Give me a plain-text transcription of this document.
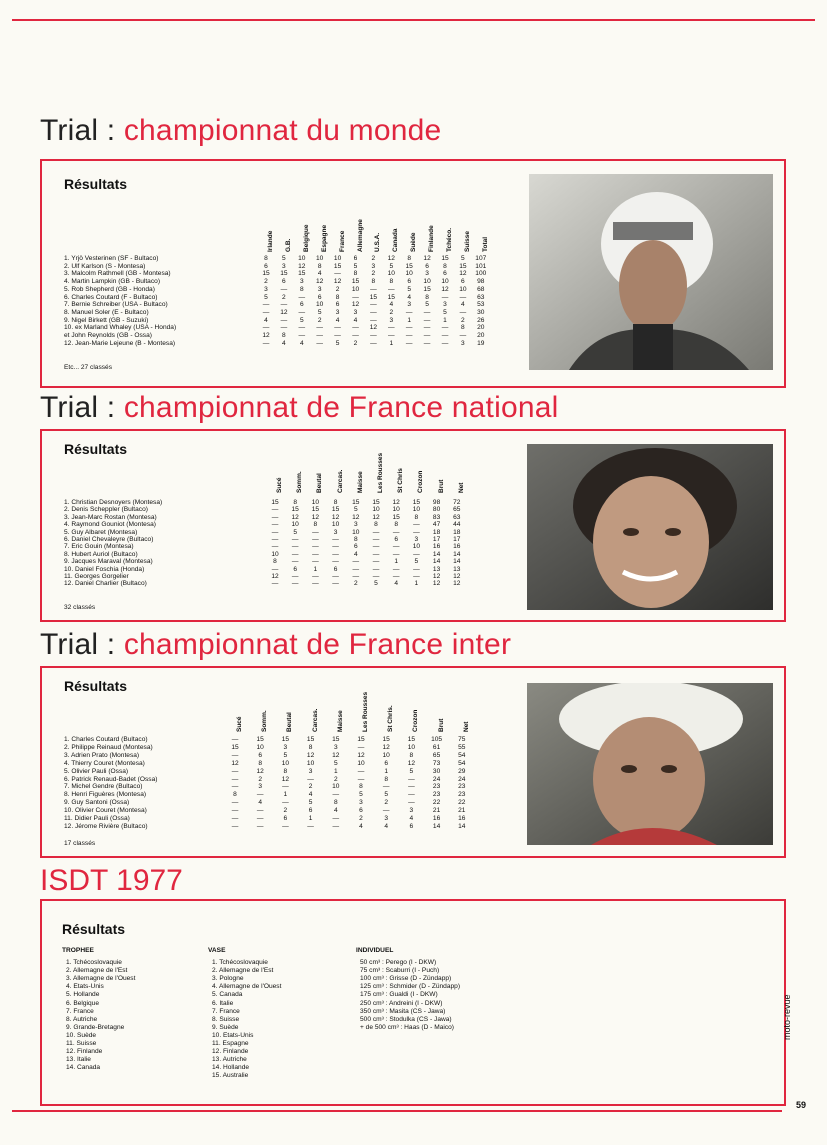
Trial : championnat du monde
Résultats
Irlande G.B. Belgique Espagne France Allemagne U.S.A. Canada Suède Finlande Tchéco. Suisse Total
1. Yrjö Vesterinen (SF - Bultaco)	8	5	10	10	10	6	2	12	8	12	15	5	107
2. Ulf Karlson (S - Montesa)	6	3	12	8	15	5	3	5	15	6	8	15	101
3. Malcolm Rathmell (GB - Montesa)	15	15	15	4	—	8	2	10	10	3	6	12	100
4. Martin Lampkin (GB - Bultaco)	2	6	3	12	12	15	8	8	6	10	10	6	98
5. Rob Shepherd (GB - Honda)	3	—	8	3	2	10	—	—	5	15	12	10	68
6. Charles Coutard (F - Bultaco)	5	2	—	6	8	—	15	15	4	8	—	—	63
7. Bernie Schreiber (USA - Bultaco)	—	—	6	10	6	12	—	4	3	5	3	4	53
8. Manuel Soler (E - Bultaco)	—	12	—	5	3	3	—	2	—	—	5	—	30
9. Nigel Birkett (GB - Suzuki)	4	—	5	2	4	4	—	3	1	—	1	2	26
10. ex Marland Whaley (USA - Honda)	—	—	—	—	—	—	12	—	—	—	—	8	20
et John Reynolds (GB - Ossa)	12	8	—	—	—	—	—	—	—	—	—	—	20
12. Jean-Marie Lejeune (B - Montesa)	—	4	4	—	5	2	—	1	—	—	—	3	19
Etc... 27 classés
Trial : championnat de France national
Résultats
Sucé Somm. Beutal Carcas. Maisse Les Rousses St Chris Crozon Brut Net
1. Christian Desnoyers (Montesa)	15	8	10	8	15	15	12	15	98	72
2. Denis Scheppler (Bultaco)	—	15	15	15	5	10	10	10	80	65
3. Jean-Marc Rostan (Montesa)	—	12	12	12	12	12	15	8	83	63
4. Raymond Gouniot (Montesa)	—	10	8	10	3	8	8	—	47	44
5. Guy Albaret (Montesa)	—	5	—	3	10	—	—	—	18	18
6. Daniel Chevaleyre (Bultaco)	—	—	—	—	8	—	6	3	17	17
7. Eric Gouin (Montesa)	—	—	—	—	6	—	—	10	16	16
8. Hubert Auriol (Bultaco)	10	—	—	—	4	—	—	—	14	14
9. Jacques Maraval (Montesa)	8	—	—	—	—	—	1	5	14	14
10. Daniel Foschia (Honda)	—	6	1	6	—	—	—	—	13	13
11. Georges Gorgelier	12	—	—	—	—	—	—	—	12	12
12. Daniel Charlier (Bultaco)	—	—	—	—	2	5	4	1	12	12
32 classés
Trial : championnat de France inter
Résultats
Sucé	Somm.	Beutal	Carcas.	Maisse	Les Rousses	St Chris.	Crozon	Brut	Net
1. Charles Coutard (Bultaco)	—	15	15	15	15	15	15	15	105	75
2. Philippe Reinaud (Montesa)	15	10	3	8	3	—	12	10	61	55
3. Adrien Prato (Montesa)	—	6	5	12	12	12	10	8	65	54
4. Thierry Couret (Montesa)	12	8	10	10	5	10	6	12	73	54
5. Olivier Pauli (Ossa)	—	12	8	3	1	—	1	5	30	29
6. Patrick Renaud-Badet (Ossa)	—	2	12	—	2	—	8	—	24	24
7. Michel Gendre (Bultaco)	—	3	—	2	10	8	—	—	23	23
8. Henri Figuères (Montesa)	8	—	1	4	—	5	5	—	23	23
9. Guy Santoni (Ossa)	—	4	—	5	8	3	2	—	22	22
10. Olivier Couret (Montesa)	—	—	2	6	4	6	—	3	21	21
11. Didier Pauli (Ossa)	—	—	6	1	—	2	3	4	16	16
12. Jérome Rivière (Bultaco)	—	—	—	—	—	4	4	6	14	14
17 classés
ISDT 1977
Résultats
TROPHEE
1. Tchécoslovaquie
2. Allemagne de l'Est
3. Allemagne de l'Ouest
4. Etats-Unis
5. Hollande
6. Belgique
7. France
8. Autriche
9. Grande-Bretagne
10. Suède
11. Suisse
12. Finlande
13. Italie
14. Canada
VASE
1. Tchécoslovaquie
2. Allemagne de l'Est
3. Pologne
4. Allemagne de l'Ouest
5. Canada
6. Italie
7. France
8. Suisse
9. Suède
10. Etats-Unis
11. Espagne
12. Finlande
13. Autriche
14. Hollande
15. Australie
INDIVIDUEL
50 cm³ : Perego (I - DKW)
75 cm³ : Scaburri (I - Puch)
100 cm³ : Grisse (D - Zündapp)
125 cm³ : Schmider (D - Zündapp)
175 cm³ : Gualdi (I - DKW)
250 cm³ : Andreini (I - DKW)
350 cm³ : Masita (CS - Jawa)
500 cm³ : Stodulka (CS - Jawa)
+ de 500 cm³ : Haas (D - Maico)	moto-revue
59
